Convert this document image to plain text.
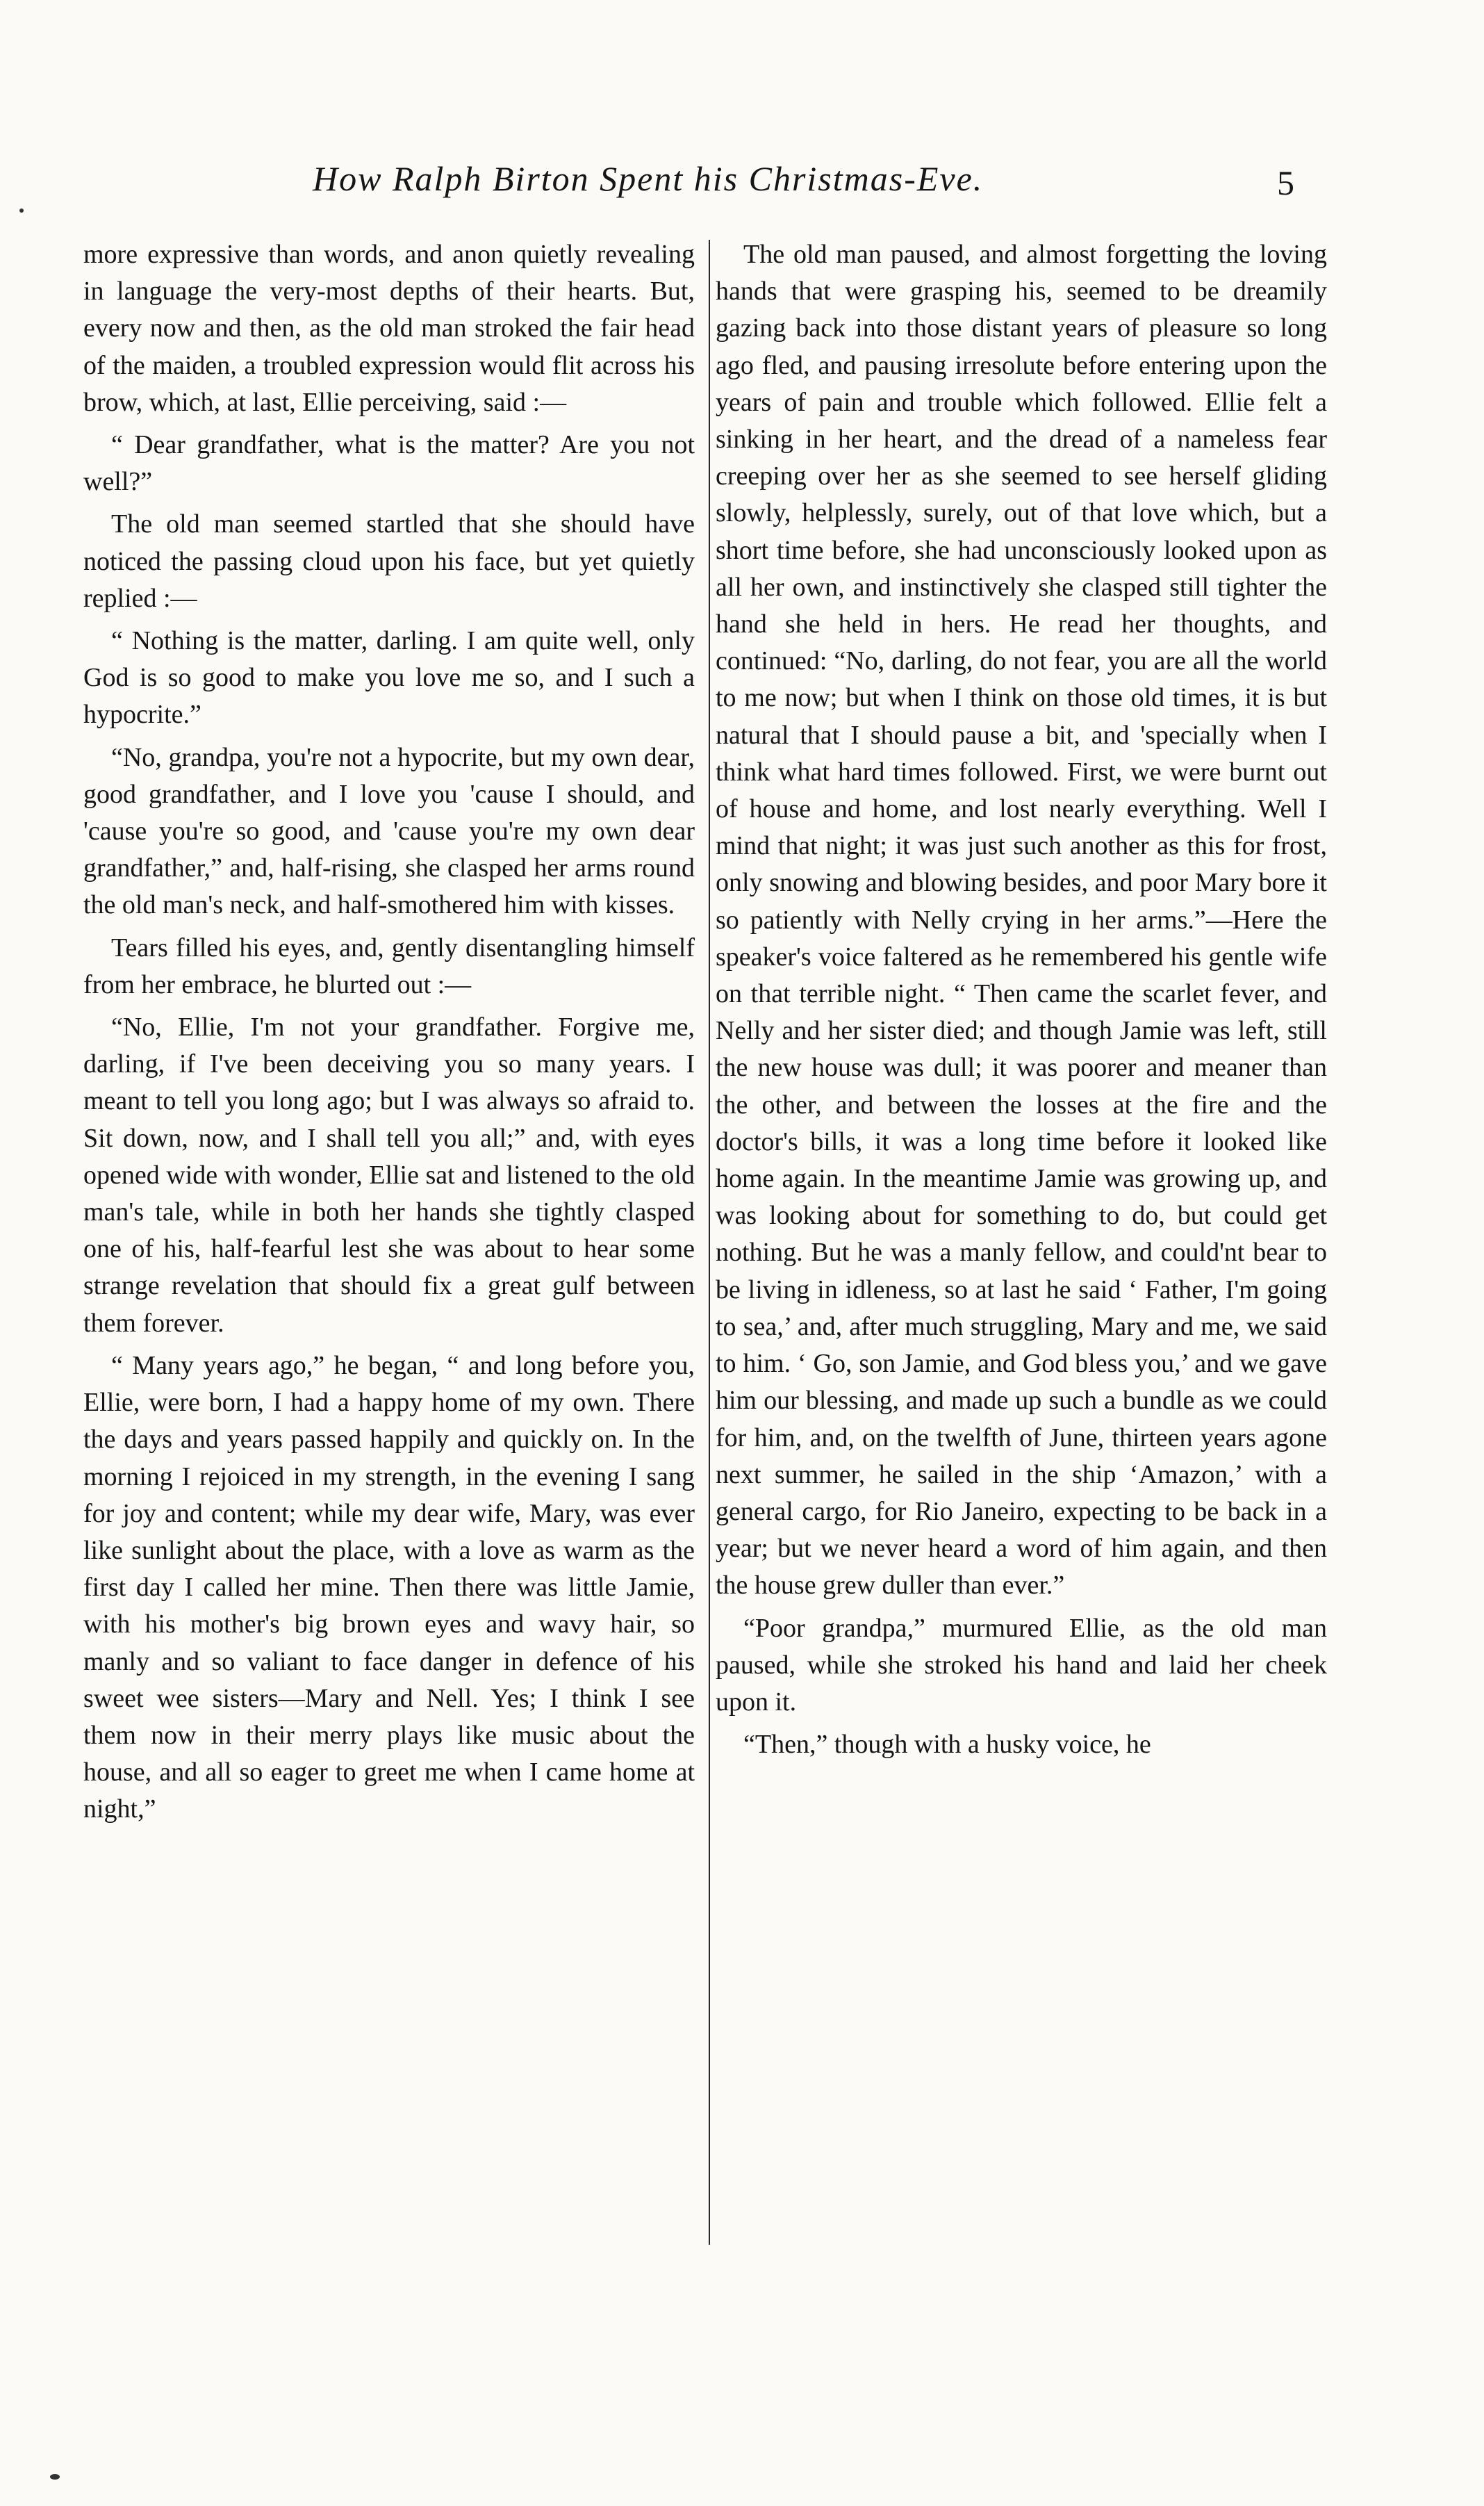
How Ralph Birton Spent his Christmas-Eve.	5

more expressive than words, and anon quietly revealing in language the very-most depths of their hearts. But, every now and then, as the old man stroked the fair head of the maiden, a troubled expression would flit across his brow, which, at last, Ellie perceiving, said :—

“ Dear grandfather, what is the matter? Are you not well?”

The old man seemed startled that she should have noticed the passing cloud upon his face, but yet quietly replied :—

“ Nothing is the matter, darling. I am quite well, only God is so good to make you love me so, and I such a hypocrite.”

“No, grandpa, you're not a hypocrite, but my own dear, good grandfather, and I love you 'cause I should, and 'cause you're so good, and 'cause you're my own dear grandfather,” and, half-rising, she clasped her arms round the old man's neck, and half-smothered him with kisses.

Tears filled his eyes, and, gently disentangling himself from her embrace, he blurted out :—

“No, Ellie, I'm not your grandfather. Forgive me, darling, if I've been deceiving you so many years. I meant to tell you long ago; but I was always so afraid to. Sit down, now, and I shall tell you all;” and, with eyes opened wide with wonder, Ellie sat and listened to the old man's tale, while in both her hands she tightly clasped one of his, half-fearful lest she was about to hear some strange revelation that should fix a great gulf between them forever.

“ Many years ago,” he began, “ and long before you, Ellie, were born, I had a happy home of my own. There the days and years passed happily and quickly on. In the morning I rejoiced in my strength, in the evening I sang for joy and content; while my dear wife, Mary, was ever like sunlight about the place, with a love as warm as the first day I called her mine. Then there was little Jamie, with his mother's big brown eyes and wavy hair, so manly and so valiant to face danger in defence of his sweet wee sisters—Mary and Nell. Yes; I think I see them now in their merry plays like music about the house, and all so eager to greet me when I came home at night,”

The old man paused, and almost forgetting the loving hands that were grasping his, seemed to be dreamily gazing back into those distant years of pleasure so long ago fled, and pausing irresolute before entering upon the years of pain and trouble which followed. Ellie felt a sinking in her heart, and the dread of a nameless fear creeping over her as she seemed to see herself gliding slowly, helplessly, surely, out of that love which, but a short time before, she had unconsciously looked upon as all her own, and instinctively she clasped still tighter the hand she held in hers. He read her thoughts, and continued: “No, darling, do not fear, you are all the world to me now; but when I think on those old times, it is but natural that I should pause a bit, and 'specially when I think what hard times followed. First, we were burnt out of house and home, and lost nearly everything. Well I mind that night; it was just such another as this for frost, only snowing and blowing besides, and poor Mary bore it so patiently with Nelly crying in her arms.”—Here the speaker's voice faltered as he remembered his gentle wife on that terrible night. “ Then came the scarlet fever, and Nelly and her sister died; and though Jamie was left, still the new house was dull; it was poorer and meaner than the other, and between the losses at the fire and the doctor's bills, it was a long time before it looked like home again. In the meantime Jamie was growing up, and was looking about for something to do, but could get nothing. But he was a manly fellow, and could'nt bear to be living in idleness, so at last he said ‘ Father, I'm going to sea,’ and, after much struggling, Mary and me, we said to him. ‘ Go, son Jamie, and God bless you,’ and we gave him our blessing, and made up such a bundle as we could for him, and, on the twelfth of June, thirteen years agone next summer, he sailed in the ship ‘Amazon,’ with a general cargo, for Rio Janeiro, expecting to be back in a year; but we never heard a word of him again, and then the house grew duller than ever.”

“Poor grandpa,” murmured Ellie, as the old man paused, while she stroked his hand and laid her cheek upon it.

“Then,” though with a husky voice, he
